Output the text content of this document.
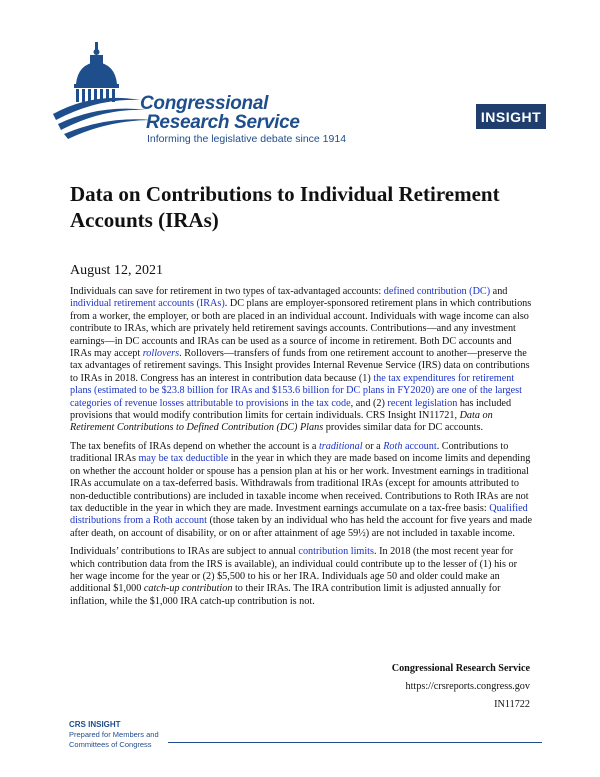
Congressional
Research Service
Informing the legislative debate since 1914
INSIGHT
Data on Contributions to Individual Retirement Accounts (IRAs)
August 12, 2021

Individuals can save for retirement in two types of tax-advantaged accounts: defined contribution (DC) and individual retirement accounts (IRAs). DC plans are employer-sponsored retirement plans in which contributions from a worker, the employer, or both are placed in an individual account. Individuals with wage income can also contribute to IRAs, which are privately held retirement savings accounts. Contributions—and any investment earnings—in DC accounts and IRAs can be used as a source of income in retirement. Both DC accounts and IRAs may accept rollovers. Rollovers—transfers of funds from one retirement account to another—preserve the tax advantages of retirement savings. This Insight provides Internal Revenue Service (IRS) data on contributions to IRAs in 2018. Congress has an interest in contribution data because (1) the tax expenditures for retirement plans (estimated to be $23.8 billion for IRAs and $153.6 billion for DC plans in FY2020) are one of the largest categories of revenue losses attributable to provisions in the tax code, and (2) recent legislation has included provisions that would modify contribution limits for certain individuals. CRS Insight IN11721, Data on Retirement Contributions to Defined Contribution (DC) Plans provides similar data for DC accounts.

The tax benefits of IRAs depend on whether the account is a traditional or a Roth account. Contributions to traditional IRAs may be tax deductible in the year in which they are made based on income limits and depending on whether the account holder or spouse has a pension plan at his or her work. Investment earnings in traditional IRAs accumulate on a tax-deferred basis. Withdrawals from traditional IRAs (except for amounts attributed to non-deductible contributions) are included in taxable income when received. Contributions to Roth IRAs are not tax deductible in the year in which they are made. Investment earnings accumulate on a tax-free basis: Qualified distributions from a Roth account (those taken by an individual who has held the account for five years and made after death, on account of disability, or on or after attainment of age 59½) are not included in taxable income.

Individuals’ contributions to IRAs are subject to annual contribution limits. In 2018 (the most recent year for which contribution data from the IRS is available), an individual could contribute up to the lesser of (1) his or her wage income for the year or (2) $5,500 to his or her IRA. Individuals age 50 and older could make an additional $1,000 catch-up contribution to their IRAs. The IRA contribution limit is adjusted annually for inflation, while the $1,000 IRA catch-up contribution is not.

Congressional Research Service
https://crsreports.congress.gov
IN11722
CRS INSIGHT
Prepared for Members and
Committees of Congress
